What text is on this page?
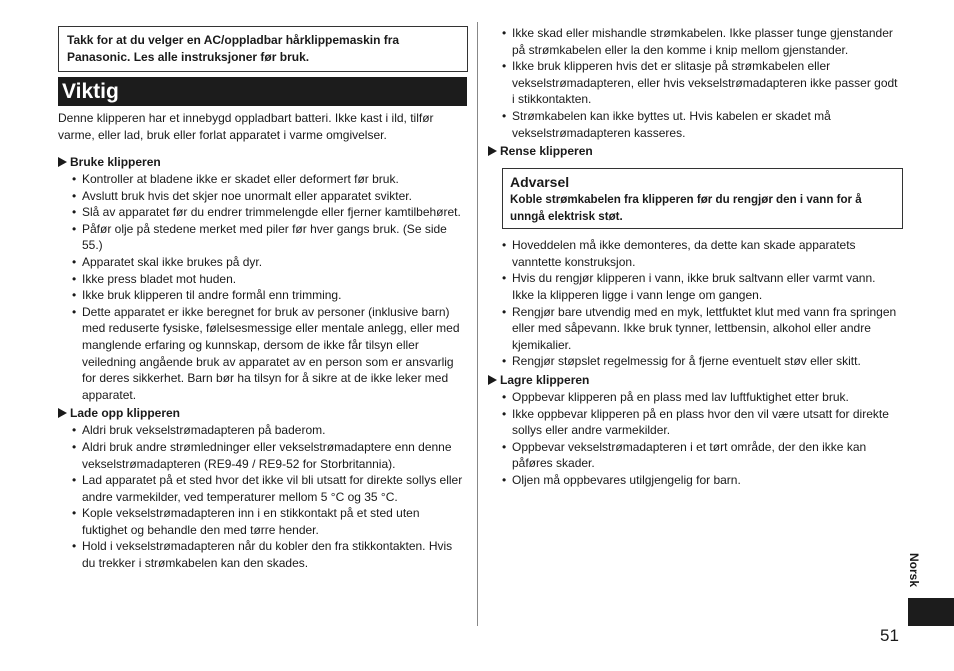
Takk for at du velger en AC/oppladbar hårklippemaskin fra Panasonic. Les alle instruksjoner før bruk.
Viktig
Denne klipperen har et innebygd oppladbart batteri. Ikke kast i ild, tilfør varme, eller lad, bruk eller forlat apparatet i varme omgivelser.
Bruke klipperen
• Kontroller at bladene ikke er skadet eller deformert før bruk.
• Avslutt bruk hvis det skjer noe unormalt eller apparatet svikter.
• Slå av apparatet før du endrer trimmelengde eller fjerner kamtilbehøret.
• Påfør olje på stedene merket med piler før hver gangs bruk. (Se side 55.)
• Apparatet skal ikke brukes på dyr.
• Ikke press bladet mot huden.
• Ikke bruk klipperen til andre formål enn trimming.
• Dette apparatet er ikke beregnet for bruk av personer (inklusive barn) med reduserte fysiske, følelsesmessige eller mentale anlegg, eller med manglende erfaring og kunnskap, dersom de ikke får tilsyn eller veiledning angående bruk av apparatet av en person som er ansvarlig for deres sikkerhet. Barn bør ha tilsyn for å sikre at de ikke leker med apparatet.
Lade opp klipperen
• Aldri bruk vekselstrømadapteren på baderom.
• Aldri bruk andre strømledninger eller vekselstrømadaptere enn denne vekselstrømadapteren (RE9-49 / RE9-52 for Storbritannia).
• Lad apparatet på et sted hvor det ikke vil bli utsatt for direkte sollys eller andre varmekilder, ved temperaturer mellom 5 °C og 35 °C.
• Kople vekselstrømadapteren inn i en stikkontakt på et sted uten fuktighet og behandle den med tørre hender.
• Hold i vekselstrømadapteren når du kobler den fra stikkontakten. Hvis du trekker i strømkabelen kan den skades.
• Ikke skad eller mishandle strømkabelen. Ikke plasser tunge gjenstander på strømkabelen eller la den komme i knip mellom gjenstander.
• Ikke bruk klipperen hvis det er slitasje på strømkabelen eller vekselstrømadapteren, eller hvis vekselstrømadapteren ikke passer godt i stikkontakten.
• Strømkabelen kan ikke byttes ut. Hvis kabelen er skadet må vekselstrømadapteren kasseres.
Rense klipperen
Advarsel
Koble strømkabelen fra klipperen før du rengjør den i vann for å unngå elektrisk støt.
• Hoveddelen må ikke demonteres, da dette kan skade apparatets vanntette konstruksjon.
• Hvis du rengjør klipperen i vann, ikke bruk saltvann eller varmt vann. Ikke la klipperen ligge i vann lenge om gangen.
• Rengjør bare utvendig med en myk, lettfuktet klut med vann fra springen eller med såpevann. Ikke bruk tynner, lettbensin, alkohol eller andre kjemikalier.
• Rengjør støpslet regelmessig for å fjerne eventuelt støv eller skitt.
Lagre klipperen
• Oppbevar klipperen på en plass med lav luftfuktighet etter bruk.
• Ikke oppbevar klipperen på en plass hvor den vil være utsatt for direkte sollys eller andre varmekilder.
• Oppbevar vekselstrømadapteren i et tørt område, der den ikke kan påføres skader.
• Oljen må oppbevares utilgjengelig for barn.
Norsk
51
